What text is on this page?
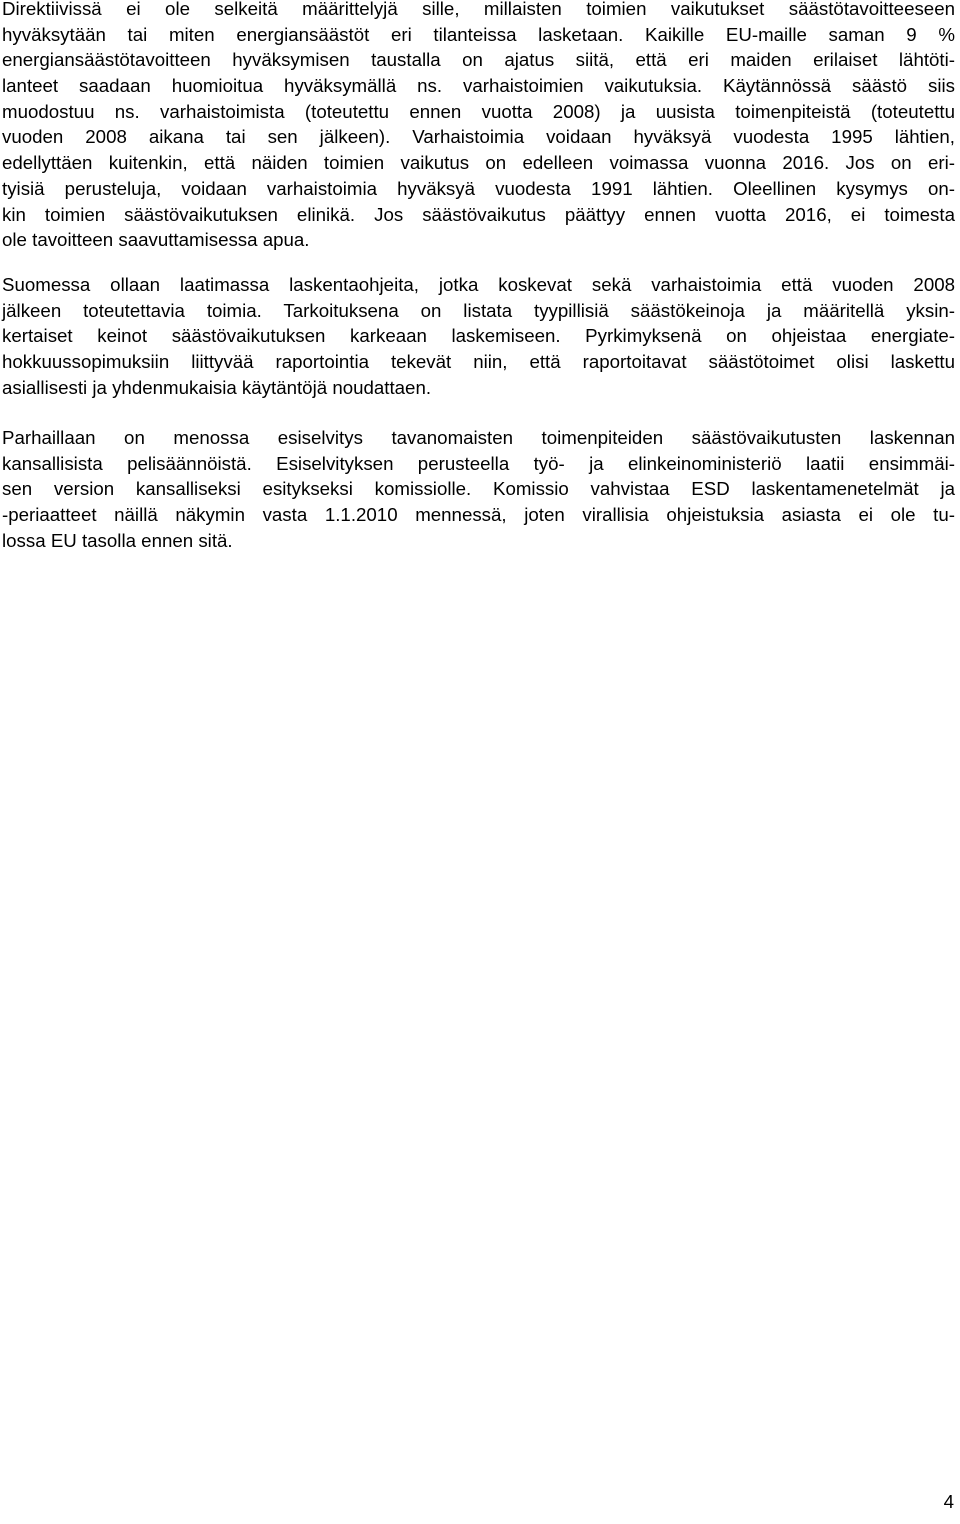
Direktiivissä ei ole selkeitä määrittelyjä sille, millaisten toimien vaikutukset säästötavoitteeseen
hyväksytään tai miten energiansäästöt eri tilanteissa lasketaan. Kaikille EU-maille saman 9 %
energiansäästötavoitteen hyväksymisen taustalla on ajatus siitä, että eri maiden erilaiset lähtöti-
lanteet saadaan huomioitua hyväksymällä ns. varhaistoimien vaikutuksia. Käytännössä säästö siis
muodostuu ns. varhaistoimista (toteutettu ennen vuotta 2008) ja uusista toimenpiteistä (toteutettu
vuoden 2008 aikana tai sen jälkeen). Varhaistoimia voidaan hyväksyä vuodesta 1995 lähtien,
edellyttäen kuitenkin, että näiden toimien vaikutus on edelleen voimassa vuonna 2016. Jos on eri-
tyisiä perusteluja, voidaan varhaistoimia hyväksyä vuodesta 1991 lähtien. Oleellinen kysymys on-
kin toimien säästövaikutuksen elinikä. Jos säästövaikutus päättyy ennen vuotta 2016, ei toimesta
ole tavoitteen saavuttamisessa apua.
Suomessa ollaan laatimassa laskentaohjeita, jotka koskevat sekä varhaistoimia että vuoden 2008
jälkeen toteutettavia toimia. Tarkoituksena on listata tyypillisiä säästökeinoja ja määritellä yksin-
kertaiset keinot säästövaikutuksen karkeaan laskemiseen. Pyrkimyksenä on ohjeistaa energiate-
hokkuussopimuksiin liittyvää raportointia tekevät niin, että raportoitavat säästötoimet olisi laskettu
asiallisesti ja yhdenmukaisia käytäntöjä noudattaen.
Parhaillaan on menossa esiselvitys tavanomaisten toimenpiteiden säästövaikutusten laskennan
kansallisista pelisäännöistä. Esiselvityksen perusteella työ- ja elinkeinoministeriö laatii ensimmäi-
sen version kansalliseksi esitykseksi komissiolle. Komissio vahvistaa ESD laskentamenetelmät ja
-periaatteet näillä näkymin vasta 1.1.2010 mennessä, joten virallisia ohjeistuksia asiasta ei ole tu-
lossa EU tasolla ennen sitä.
4
